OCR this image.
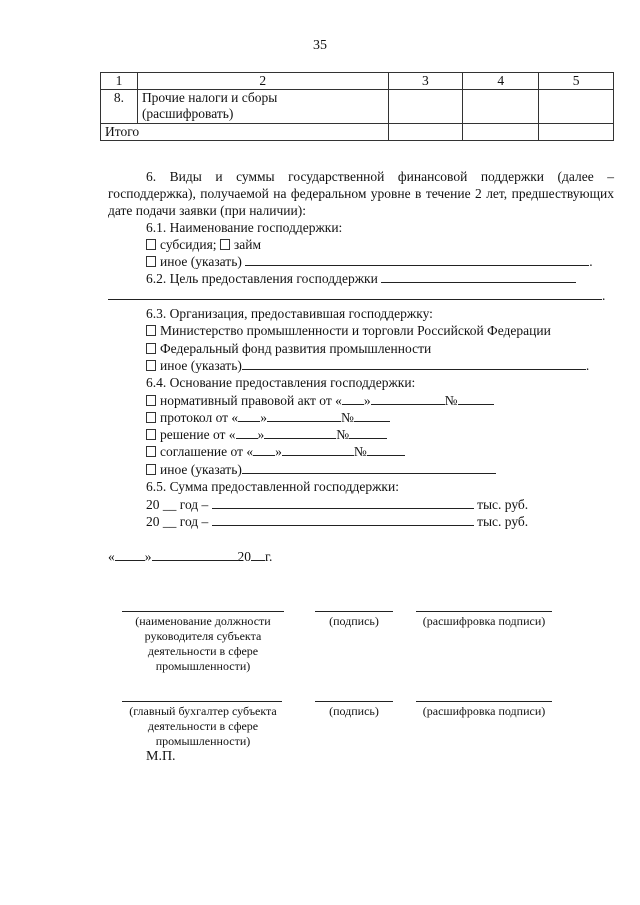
35
1	2	3	4	5
8.	Прочие налоги и сборы
(расшифровать)			
Итого				
6. Виды и суммы государственной финансовой поддержки (далее – господдержка), получаемой на федеральном уровне в течение 2 лет, предшествующих дате подачи заявки (при наличии):
6.1. Наименование господдержки:
субсидия; займ
иное (указать)	.
6.2. Цель предоставления господдержки
.
6.3. Организация, предоставившая господдержку:
Министерство промышленности и торговли Российской Федерации
Федеральный фонд развития промышленности
иное (указать)	.
6.4. Основание предоставления господдержки:
нормативный правовой акт от « »	№
протокол от « »	№
решение от « »	№
соглашение от « »	№
иное (указать)
6.5. Сумма предоставленной господдержки:
20 __ год –	тыс. руб.
20 __ год –	тыс. руб.
« »	20 г.
(наименование должности руководителя субъекта деятельности в сфере промышленности)
(подпись)	(расшифровка подписи)
(главный бухгалтер субъекта деятельности в сфере промышленности)
(подпись)	(расшифровка подписи)
М.П.
